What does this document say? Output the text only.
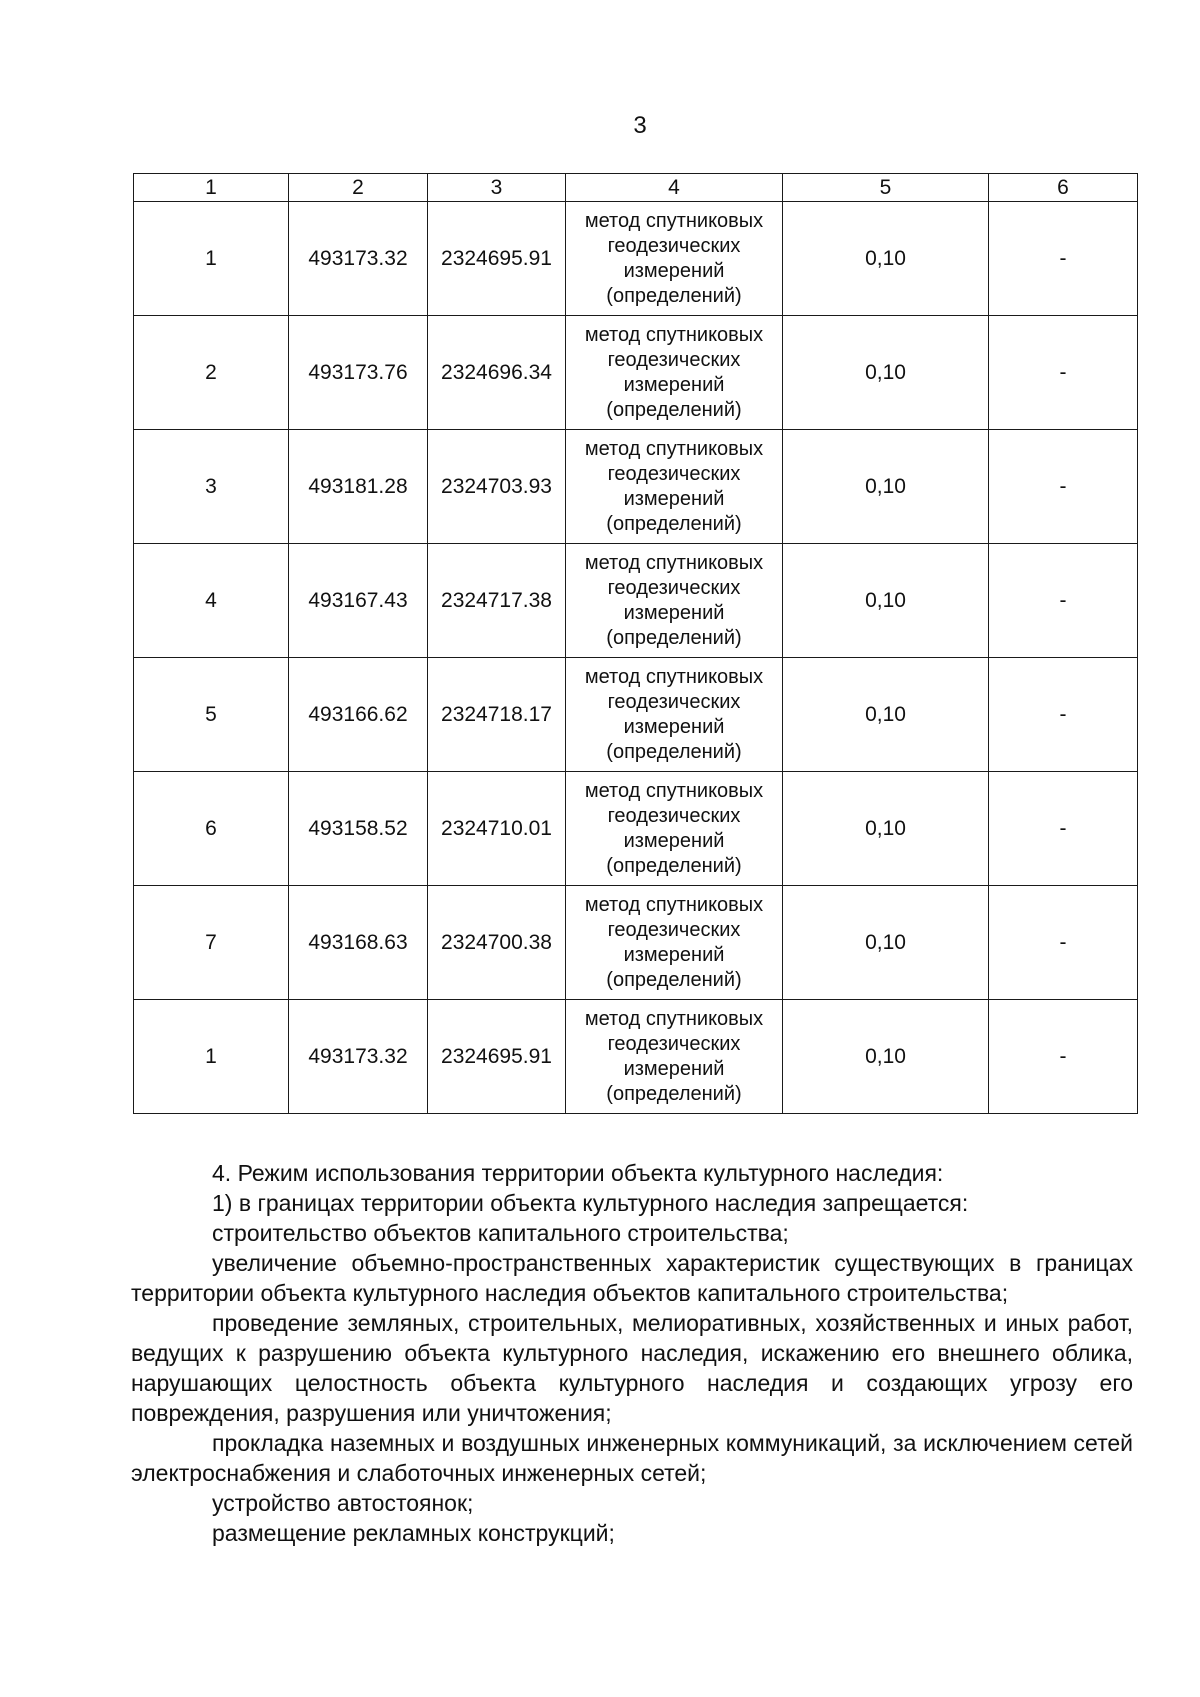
3
1	2	3	4	5	6
1	493173.32	2324695.91	метод спутниковых геодезических измерений (определений)	0,10	-
2	493173.76	2324696.34	метод спутниковых геодезических измерений (определений)	0,10	-
3	493181.28	2324703.93	метод спутниковых геодезических измерений (определений)	0,10	-
4	493167.43	2324717.38	метод спутниковых геодезических измерений (определений)	0,10	-
5	493166.62	2324718.17	метод спутниковых геодезических измерений (определений)	0,10	-
6	493158.52	2324710.01	метод спутниковых геодезических измерений (определений)	0,10	-
7	493168.63	2324700.38	метод спутниковых геодезических измерений (определений)	0,10	-
1	493173.32	2324695.91	метод спутниковых геодезических измерений (определений)	0,10	-

4. Режим использования территории объекта культурного наследия:

1) в границах территории объекта культурного наследия запрещается:

строительство объектов капитального строительства;

увеличение объемно-пространственных характеристик существующих в границах территории объекта культурного наследия объектов капитального строительства;

проведение земляных, строительных, мелиоративных, хозяйственных и иных работ, ведущих к разрушению объекта культурного наследия, искажению его внешнего облика, нарушающих целостность объекта культурного наследия и создающих угрозу его повреждения, разрушения или уничтожения;

прокладка наземных и воздушных инженерных коммуникаций, за исключением сетей электроснабжения и слаботочных инженерных сетей;

устройство автостоянок;

размещение рекламных конструкций;
